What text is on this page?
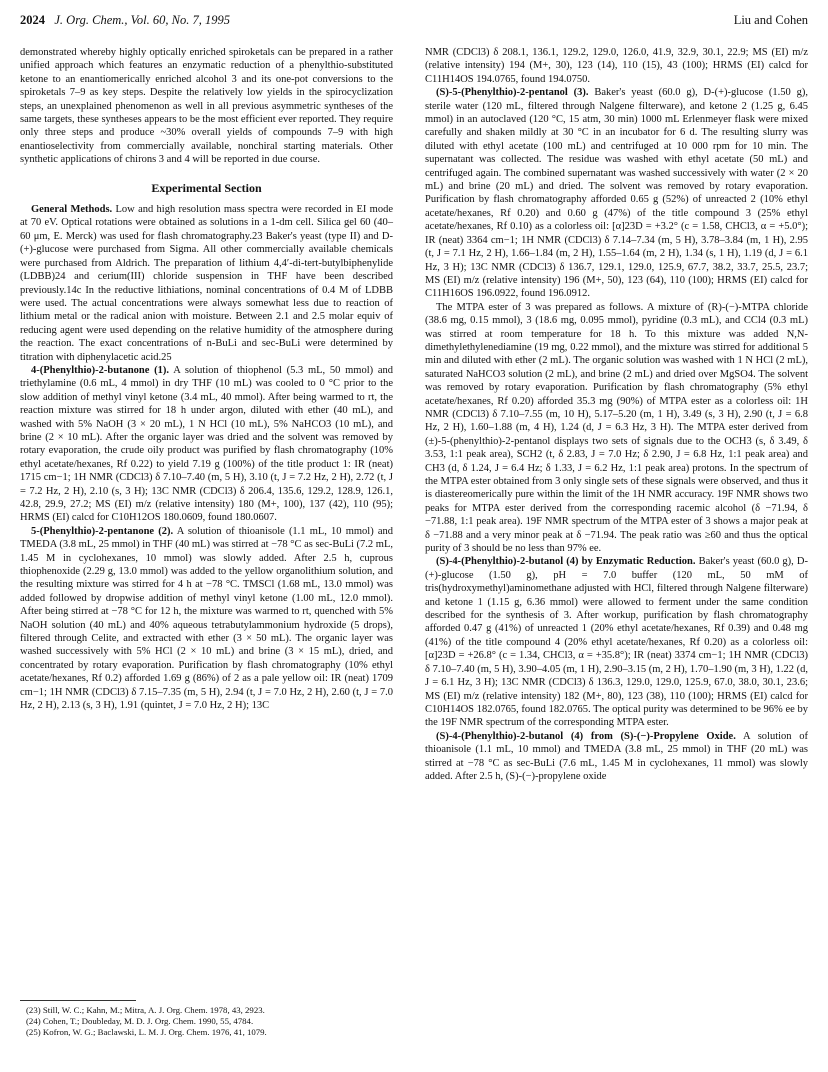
2024 J. Org. Chem., Vol. 60, No. 7, 1995	Liu and Cohen

demonstrated whereby highly optically enriched spiroketals can be prepared in a rather unified approach which features an enzymatic reduction of a phenylthio-substituted ketone to an enantiomerically enriched alcohol 3 and its one-pot conversions to the spiroketals 7–9 as key steps. Despite the relatively low yields in the spirocyclization steps, an unexplained phenomenon as well in all previous asymmetric syntheses of the same targets, these syntheses appears to be the most efficient ever reported. They require only three steps and produce ~30% overall yields of compounds 7–9 with high enantioselectivity from commercially available, nonchiral starting materials. Other synthetic applications of chirons 3 and 4 will be reported in due course.

Experimental Section

General Methods. Low and high resolution mass spectra were recorded in EI mode at 70 eV. Optical rotations were obtained as solutions in a 1-dm cell. Silica gel 60 (40–60 μm, E. Merck) was used for flash chromatography.23 Baker's yeast (type II) and D-(+)-glucose were purchased from Sigma. All other commercially available chemicals were purchased from Aldrich. The preparation of lithium 4,4′-di-tert-butylbiphenylide (LDBB)24 and cerium(III) chloride suspension in THF have been described previously.14c In the reductive lithiations, nominal concentrations of 0.4 M of LDBB were used. The actual concentrations were always somewhat less due to reaction of lithium metal or the radical anion with moisture. Between 2.1 and 2.5 molar equiv of reducing agent were used depending on the relative humidity of the atmosphere during the reaction. The exact concentrations of n-BuLi and sec-BuLi were determined by titration with diphenylacetic acid.25

4-(Phenylthio)-2-butanone (1). A solution of thiophenol (5.3 mL, 50 mmol) and triethylamine (0.6 mL, 4 mmol) in dry THF (10 mL) was cooled to 0 °C prior to the slow addition of methyl vinyl ketone (3.4 mL, 40 mmol). After being warmed to rt, the reaction mixture was stirred for 18 h under argon, diluted with ether (40 mL), and washed with 5% NaOH (3 × 20 mL), 1 N HCl (10 mL), 5% NaHCO3 (10 mL), and brine (2 × 10 mL). After the organic layer was dried and the solvent was removed by rotary evaporation, the crude oily product was purified by flash chromatography (10% ethyl acetate/hexanes, Rf 0.22) to yield 7.19 g (100%) of the title product 1: IR (neat) 1715 cm−1; 1H NMR (CDCl3) δ 7.10–7.40 (m, 5 H), 3.10 (t, J = 7.2 Hz, 2 H), 2.72 (t, J = 7.2 Hz, 2 H), 2.10 (s, 3 H); 13C NMR (CDCl3) δ 206.4, 135.6, 129.2, 128.9, 126.1, 42.8, 29.9, 27.2; MS (EI) m/z (relative intensity) 180 (M+, 100), 137 (42), 110 (95); HRMS (EI) calcd for C10H12OS 180.0609, found 180.0607.

5-(Phenylthio)-2-pentanone (2). A solution of thioanisole (1.1 mL, 10 mmol) and TMEDA (3.8 mL, 25 mmol) in THF (40 mL) was stirred at −78 °C as sec-BuLi (7.2 mL, 1.45 M in cyclohexanes, 10 mmol) was slowly added. After 2.5 h, cuprous thiophenoxide (2.29 g, 13.0 mmol) was added to the yellow organolithium solution, and the resulting mixture was stirred for 4 h at −78 °C. TMSCl (1.68 mL, 13.0 mmol) was added followed by dropwise addition of methyl vinyl ketone (1.00 mL, 12.0 mmol). After being stirred at −78 °C for 12 h, the mixture was warmed to rt, quenched with 5% NaOH solution (40 mL) and 40% aqueous tetrabutylammonium hydroxide (5 drops), filtered through Celite, and extracted with ether (3 × 50 mL). The organic layer was washed successively with 5% HCl (2 × 10 mL) and brine (3 × 15 mL), dried, and concentrated by rotary evaporation. Purification by flash chromatography (10% ethyl acetate/hexanes, Rf 0.2) afforded 1.69 g (86%) of 2 as a pale yellow oil: IR (neat) 1709 cm−1; 1H NMR (CDCl3) δ 7.15–7.35 (m, 5 H), 2.94 (t, J = 7.0 Hz, 2 H), 2.60 (t, J = 7.0 Hz, 2 H), 2.13 (s, 3 H), 1.91 (quintet, J = 7.0 Hz, 2 H); 13C

(23) Still, W. C.; Kahn, M.; Mitra, A. J. Org. Chem. 1978, 43, 2923.
(24) Cohen, T.; Doubleday, M. D. J. Org. Chem. 1990, 55, 4784.
(25) Kofron, W. G.; Baclawski, L. M. J. Org. Chem. 1976, 41, 1079.

NMR (CDCl3) δ 208.1, 136.1, 129.2, 129.0, 126.0, 41.9, 32.9, 30.1, 22.9; MS (EI) m/z (relative intensity) 194 (M+, 30), 123 (14), 110 (15), 43 (100); HRMS (EI) calcd for C11H14OS 194.0765, found 194.0750.

(S)-5-(Phenylthio)-2-pentanol (3). Baker's yeast (60.0 g), D-(+)-glucose (1.50 g), sterile water (120 mL, filtered through Nalgene filterware), and ketone 2 (1.25 g, 6.45 mmol) in an autoclaved (120 °C, 15 atm, 30 min) 1000 mL Erlenmeyer flask were mixed carefully and shaken mildly at 30 °C in an incubator for 6 d. The resulting slurry was diluted with ethyl acetate (100 mL) and centrifuged at 10 000 rpm for 10 min. The supernatant was collected. The residue was washed with ethyl acetate (50 mL) and centrifuged again. The combined supernatant was washed successively with water (2 × 20 mL) and brine (20 mL) and dried. The solvent was removed by rotary evaporation. Purification by flash chromatography afforded 0.65 g (52%) of unreacted 2 (10% ethyl acetate/hexanes, Rf 0.20) and 0.60 g (47%) of the title compound 3 (25% ethyl acetate/hexanes, Rf 0.10) as a colorless oil: [α]23D = +3.2° (c = 1.58, CHCl3, α = +5.0°); IR (neat) 3364 cm−1; 1H NMR (CDCl3) δ 7.14–7.34 (m, 5 H), 3.78–3.84 (m, 1 H), 2.95 (t, J = 7.1 Hz, 2 H), 1.66–1.84 (m, 2 H), 1.55–1.64 (m, 2 H), 1.34 (s, 1 H), 1.19 (d, J = 6.1 Hz, 3 H); 13C NMR (CDCl3) δ 136.7, 129.1, 129.0, 125.9, 67.7, 38.2, 33.7, 25.5, 23.7; MS (EI) m/z (relative intensity) 196 (M+, 50), 123 (64), 110 (100); HRMS (EI) calcd for C11H16OS 196.0922, found 196.0912.

The MTPA ester of 3 was prepared as follows. A mixture of (R)-(−)-MTPA chloride (38.6 mg, 0.15 mmol), 3 (18.6 mg, 0.095 mmol), pyridine (0.3 mL), and CCl4 (0.3 mL) was stirred at room temperature for 18 h. To this mixture was added N,N-dimethylethylenediamine (19 mg, 0.22 mmol), and the mixture was stirred for additional 5 min and diluted with ether (2 mL). The organic solution was washed with 1 N HCl (2 mL), saturated NaHCO3 solution (2 mL), and brine (2 mL) and dried over MgSO4. The solvent was removed by rotary evaporation. Purification by flash chromatography (5% ethyl acetate/hexanes, Rf 0.20) afforded 35.3 mg (90%) of MTPA ester as a colorless oil: 1H NMR (CDCl3) δ 7.10–7.55 (m, 10 H), 5.17–5.20 (m, 1 H), 3.49 (s, 3 H), 2.90 (t, J = 6.8 Hz, 2 H), 1.60–1.88 (m, 4 H), 1.24 (d, J = 6.3 Hz, 3 H). The MTPA ester derived from (±)-5-(phenylthio)-2-pentanol displays two sets of signals due to the OCH3 (s, δ 3.49, δ 3.53, 1:1 peak area), SCH2 (t, δ 2.83, J = 7.0 Hz; δ 2.90, J = 6.8 Hz, 1:1 peak area) and CH3 (d, δ 1.24, J = 6.4 Hz; δ 1.33, J = 6.2 Hz, 1:1 peak area) protons. In the spectrum of the MTPA ester obtained from 3 only single sets of these signals were observed, and thus it is diastereomerically pure within the limit of the 1H NMR accuracy. 19F NMR shows two peaks for MTPA ester derived from the corresponding racemic alcohol (δ −71.94, δ −71.88, 1:1 peak area). 19F NMR spectrum of the MTPA ester of 3 shows a major peak at δ −71.88 and a very minor peak at δ −71.94. The peak ratio was ≥60 and thus the optical purity of 3 should be no less than 97% ee.

(S)-4-(Phenylthio)-2-butanol (4) by Enzymatic Reduction. Baker's yeast (60.0 g), D-(+)-glucose (1.50 g), pH = 7.0 buffer (120 mL, 50 mM of tris(hydroxymethyl)aminomethane adjusted with HCl, filtered through Nalgene filterware) and ketone 1 (1.15 g, 6.36 mmol) were allowed to ferment under the same condition described for the synthesis of 3. After workup, purification by flash chromatography afforded 0.47 g (41%) of unreacted 1 (20% ethyl acetate/hexanes, Rf 0.39) and 0.48 mg (41%) of the title compound 4 (20% ethyl acetate/hexanes, Rf 0.20) as a colorless oil: [α]23D = +26.8° (c = 1.34, CHCl3, α = +35.8°); IR (neat) 3374 cm−1; 1H NMR (CDCl3) δ 7.10–7.40 (m, 5 H), 3.90–4.05 (m, 1 H), 2.90–3.15 (m, 2 H), 1.70–1.90 (m, 3 H), 1.22 (d, J = 6.1 Hz, 3 H); 13C NMR (CDCl3) δ 136.3, 129.0, 129.0, 125.9, 67.0, 38.0, 30.1, 23.6; MS (EI) m/z (relative intensity) 182 (M+, 80), 123 (38), 110 (100); HRMS (EI) calcd for C10H14OS 182.0765, found 182.0765. The optical purity was determined to be 96% ee by the 19F NMR spectrum of the corresponding MTPA ester.

(S)-4-(Phenylthio)-2-butanol (4) from (S)-(−)-Propylene Oxide. A solution of thioanisole (1.1 mL, 10 mmol) and TMEDA (3.8 mL, 25 mmol) in THF (20 mL) was stirred at −78 °C as sec-BuLi (7.6 mL, 1.45 M in cyclohexanes, 11 mmol) was slowly added. After 2.5 h, (S)-(−)-propylene oxide
